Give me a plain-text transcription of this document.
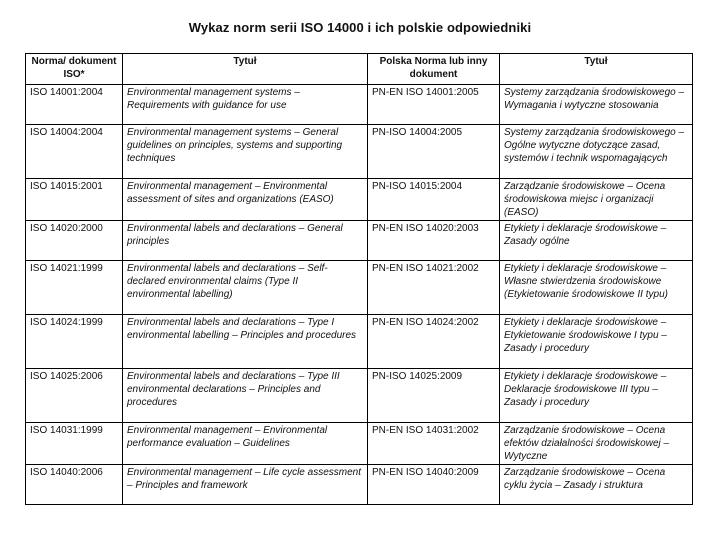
Wykaz norm serii ISO 14000 i ich polskie odpowiedniki
Norma/ dokument ISO*	Tytuł	Polska Norma lub inny dokument	Tytuł
ISO 14001:2004	Environmental management systems – Requirements with guidance for use	PN-EN ISO 14001:2005	Systemy zarządzania środowiskowego – Wymagania i wytyczne stosowania
ISO 14004:2004	Environmental management systems – General guidelines on principles, systems and supporting techniques	PN-ISO 14004:2005	Systemy zarządzania środowiskowego – Ogólne wytyczne dotyczące zasad, systemów i technik wspomagających
ISO 14015:2001	Environmental management – Environmental assessment of sites and organizations (EASO)	PN-ISO 14015:2004	Zarządzanie środowiskowe – Ocena środowiskowa miejsc i organizacji (EASO)
ISO 14020:2000	Environmental labels and declarations – General principles	PN-EN ISO 14020:2003	Etykiety i deklaracje środowiskowe – Zasady ogólne
ISO 14021:1999	Environmental labels and declarations – Self-declared environmental claims (Type II environmental labelling)	PN-EN ISO 14021:2002	Etykiety i deklaracje środowiskowe – Własne stwierdzenia środowiskowe (Etykietowanie środowiskowe II typu)
ISO 14024:1999	Environmental labels and declarations – Type I environmental labelling – Principles and procedures	PN-EN ISO 14024:2002	Etykiety i deklaracje środowiskowe – Etykietowanie środowiskowe I typu – Zasady i procedury
ISO 14025:2006	Environmental labels and declarations – Type III environmental declarations – Principles and procedures	PN-ISO 14025:2009	Etykiety i deklaracje środowiskowe – Deklaracje środowiskowe III typu – Zasady i procedury
ISO 14031:1999	Environmental management – Environmental performance evaluation – Guidelines	PN-EN ISO 14031:2002	Zarządzanie środowiskowe – Ocena efektów działalności środowiskowej – Wytyczne
ISO 14040:2006	Environmental management – Life cycle assessment – Principles and framework	PN-EN ISO 14040:2009	Zarządzanie środowiskowe – Ocena cyklu życia – Zasady i struktura
